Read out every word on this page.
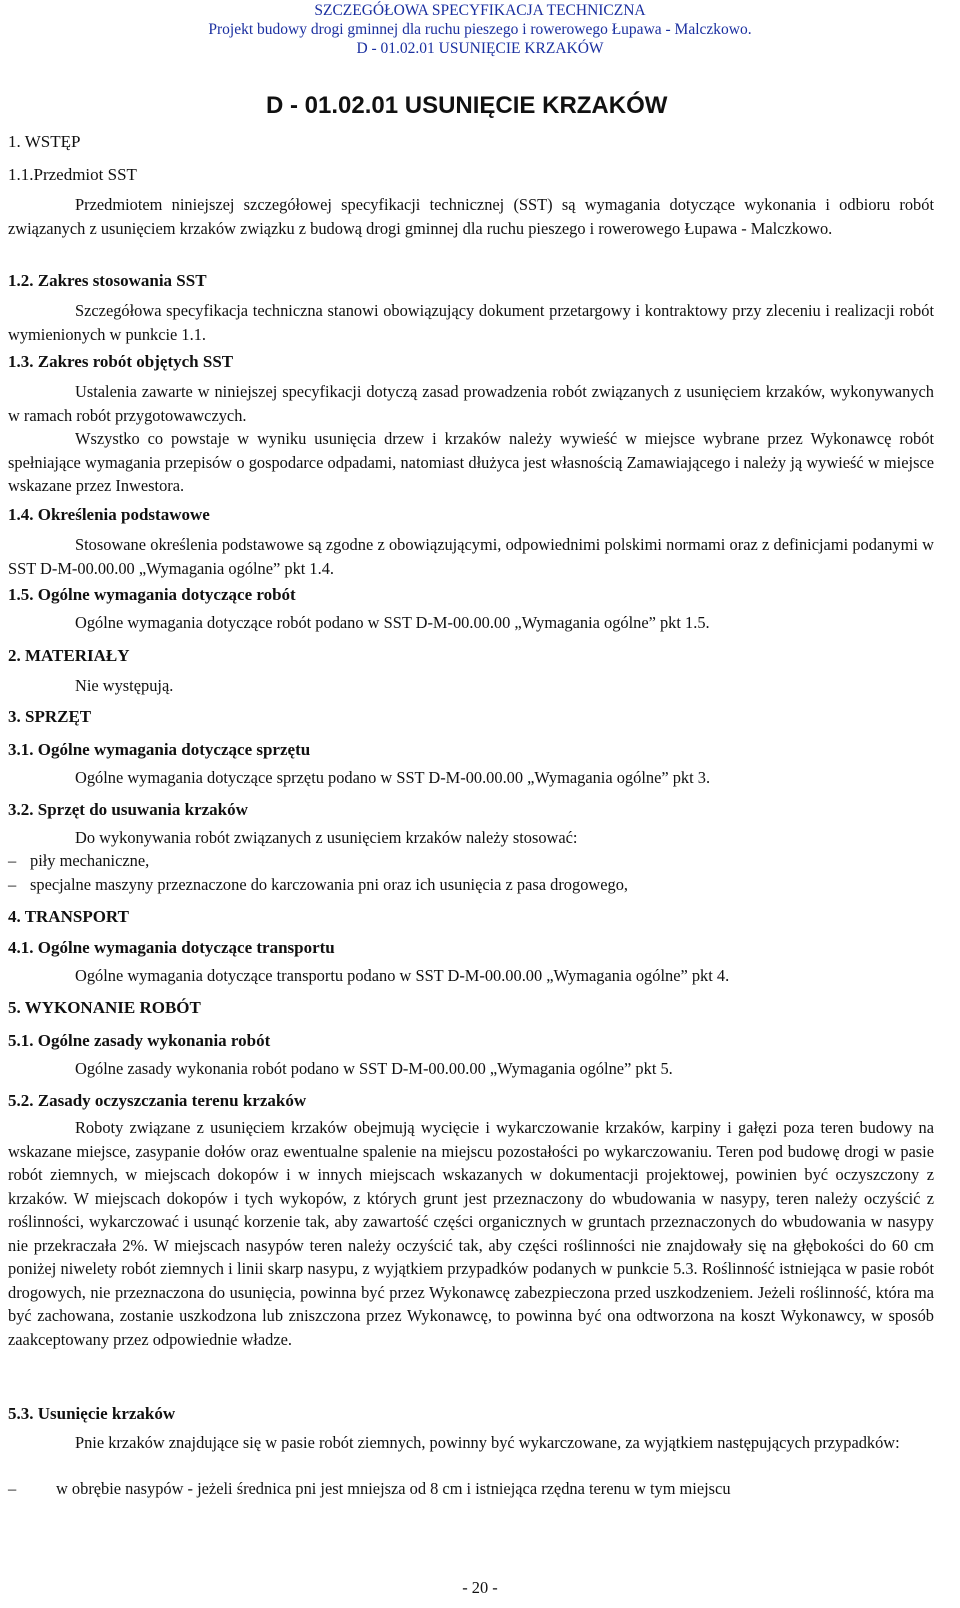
SZCZEGÓŁOWA SPECYFIKACJA TECHNICZNA
Projekt budowy drogi gminnej dla ruchu pieszego i rowerowego Łupawa - Malczkowo.
D - 01.02.01 USUNIĘCIE KRZAKÓW
D - 01.02.01 USUNIĘCIE KRZAKÓW
1. WSTĘP
1.1.Przedmiot SST

Przedmiotem niniejszej szczegółowej specyfikacji technicznej (SST) są wymagania dotyczące wykonania i odbioru robót związanych z usunięciem krzaków związku z budową drogi gminnej dla ruchu pieszego i rowerowego Łupawa - Malczkowo.

1.2. Zakres stosowania SST

Szczegółowa specyfikacja techniczna stanowi obowiązujący dokument przetargowy i kontraktowy przy zleceniu i realizacji robót wymienionych w punkcie 1.1.

1.3. Zakres robót objętych SST

Ustalenia zawarte w niniejszej specyfikacji dotyczą zasad prowadzenia robót związanych z usunięciem krzaków, wykonywanych w ramach robót przygotowawczych.

Wszystko co powstaje w wyniku usunięcia drzew i krzaków należy wywieść w miejsce wybrane przez Wykonawcę robót spełniające wymagania przepisów o gospodarce odpadami, natomiast dłużyca jest własnością Zamawiającego i należy ją wywieść w miejsce wskazane przez Inwestora.

1.4. Określenia podstawowe

Stosowane określenia podstawowe są zgodne z obowiązującymi, odpowiednimi polskimi normami oraz z definicjami podanymi w SST D-M-00.00.00 „Wymagania ogólne” pkt 1.4.

1.5. Ogólne wymagania dotyczące robót
Ogólne wymagania dotyczące robót podano w SST D-M-00.00.00 „Wymagania ogólne” pkt 1.5.
2. MATERIAŁY
Nie występują.
3. SPRZĘT
3.1. Ogólne wymagania dotyczące sprzętu
Ogólne wymagania dotyczące sprzętu podano w SST D-M-00.00.00 „Wymagania ogólne” pkt 3.
3.2. Sprzęt do usuwania krzaków
Do wykonywania robót związanych z usunięciem krzaków należy stosować:
– piły mechaniczne,
– specjalne maszyny przeznaczone do karczowania pni oraz ich usunięcia z pasa drogowego,
4. TRANSPORT
4.1. Ogólne wymagania dotyczące transportu
Ogólne wymagania dotyczące transportu podano w SST D-M-00.00.00 „Wymagania ogólne” pkt 4.
5. WYKONANIE ROBÓT
5.1. Ogólne zasady wykonania robót
Ogólne zasady wykonania robót podano w SST D-M-00.00.00 „Wymagania ogólne” pkt 5.
5.2. Zasady oczyszczania terenu krzaków

Roboty związane z usunięciem krzaków obejmują wycięcie i wykarczowanie krzaków, karpiny i gałęzi poza teren budowy na wskazane miejsce, zasypanie dołów oraz ewentualne spalenie na miejscu pozostałości po wykarczowaniu. Teren pod budowę drogi w pasie robót ziemnych, w miejscach dokopów i w innych miejscach wskazanych w dokumentacji projektowej, powinien być oczyszczony z krzaków. W miejscach dokopów i tych wykopów, z których grunt jest przeznaczony do wbudowania w nasypy, teren należy oczyścić z roślinności, wykarczować i usunąć korzenie tak, aby zawartość części organicznych w gruntach przeznaczonych do wbudowania w nasypy nie przekraczała 2%. W miejscach nasypów teren należy oczyścić tak, aby części roślinności nie znajdowały się na głębokości do 60 cm poniżej niwelety robót ziemnych i linii skarp nasypu, z wyjątkiem przypadków podanych w punkcie 5.3. Roślinność istniejąca w pasie robót drogowych, nie przeznaczona do usunięcia, powinna być przez Wykonawcę zabezpieczona przed uszkodzeniem. Jeżeli roślinność, która ma być zachowana, zostanie uszkodzona lub zniszczona przez Wykonawcę, to powinna być ona odtworzona na koszt Wykonawcy, w sposób zaakceptowany przez odpowiednie władze.

5.3. Usunięcie krzaków

Pnie krzaków znajdujące się w pasie robót ziemnych, powinny być wykarczowane, za wyjątkiem następujących przypadków:

– w obrębie nasypów - jeżeli średnica pni jest mniejsza od 8 cm i istniejąca rzędna terenu w tym miejscu
- 20 -
